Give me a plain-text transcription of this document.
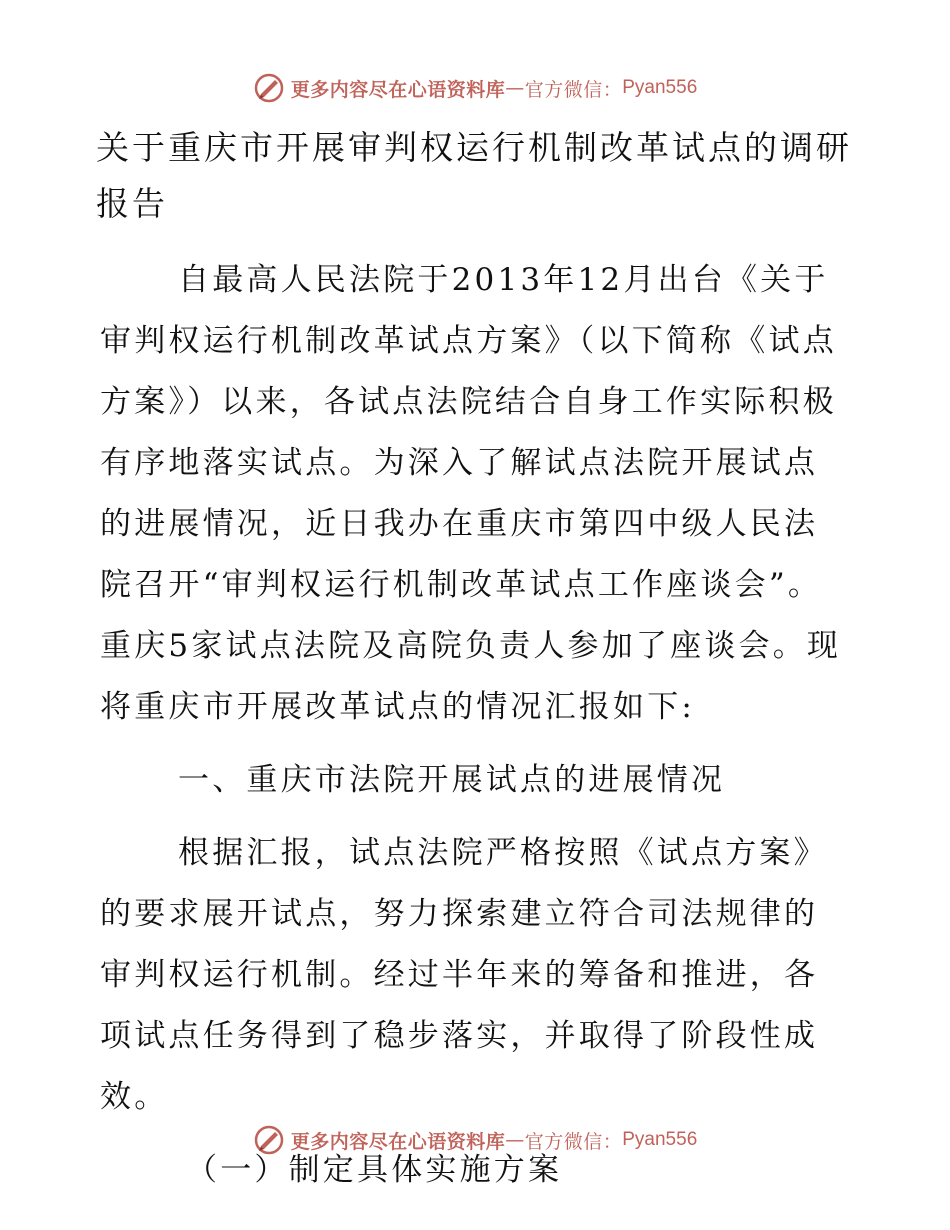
更多内容尽在心语资料库 — 官方微信： Pyan556
关于重庆市开展审判权运行机制改革试点的调研报告

自最高人民法院于2013年12月出台《关于审判权运行机制改革试点方案》（以下简称《试点方案》）以来，各试点法院结合自身工作实际积极有序地落实试点。为深入了解试点法院开展试点的进展情况，近日我办在重庆市第四中级人民法院召开“审判权运行机制改革试点工作座谈会”。重庆5家试点法院及高院负责人参加了座谈会。现将重庆市开展改革试点的情况汇报如下:

一、重庆市法院开展试点的进展情况

根据汇报，试点法院严格按照《试点方案》的要求展开试点，努力探索建立符合司法规律的审判权运行机制。经过半年来的筹备和推进，各项试点任务得到了稳步落实，并取得了阶段性成效。

（一）制定具体实施方案
更多内容尽在心语资料库 — 官方微信： Pyan556
